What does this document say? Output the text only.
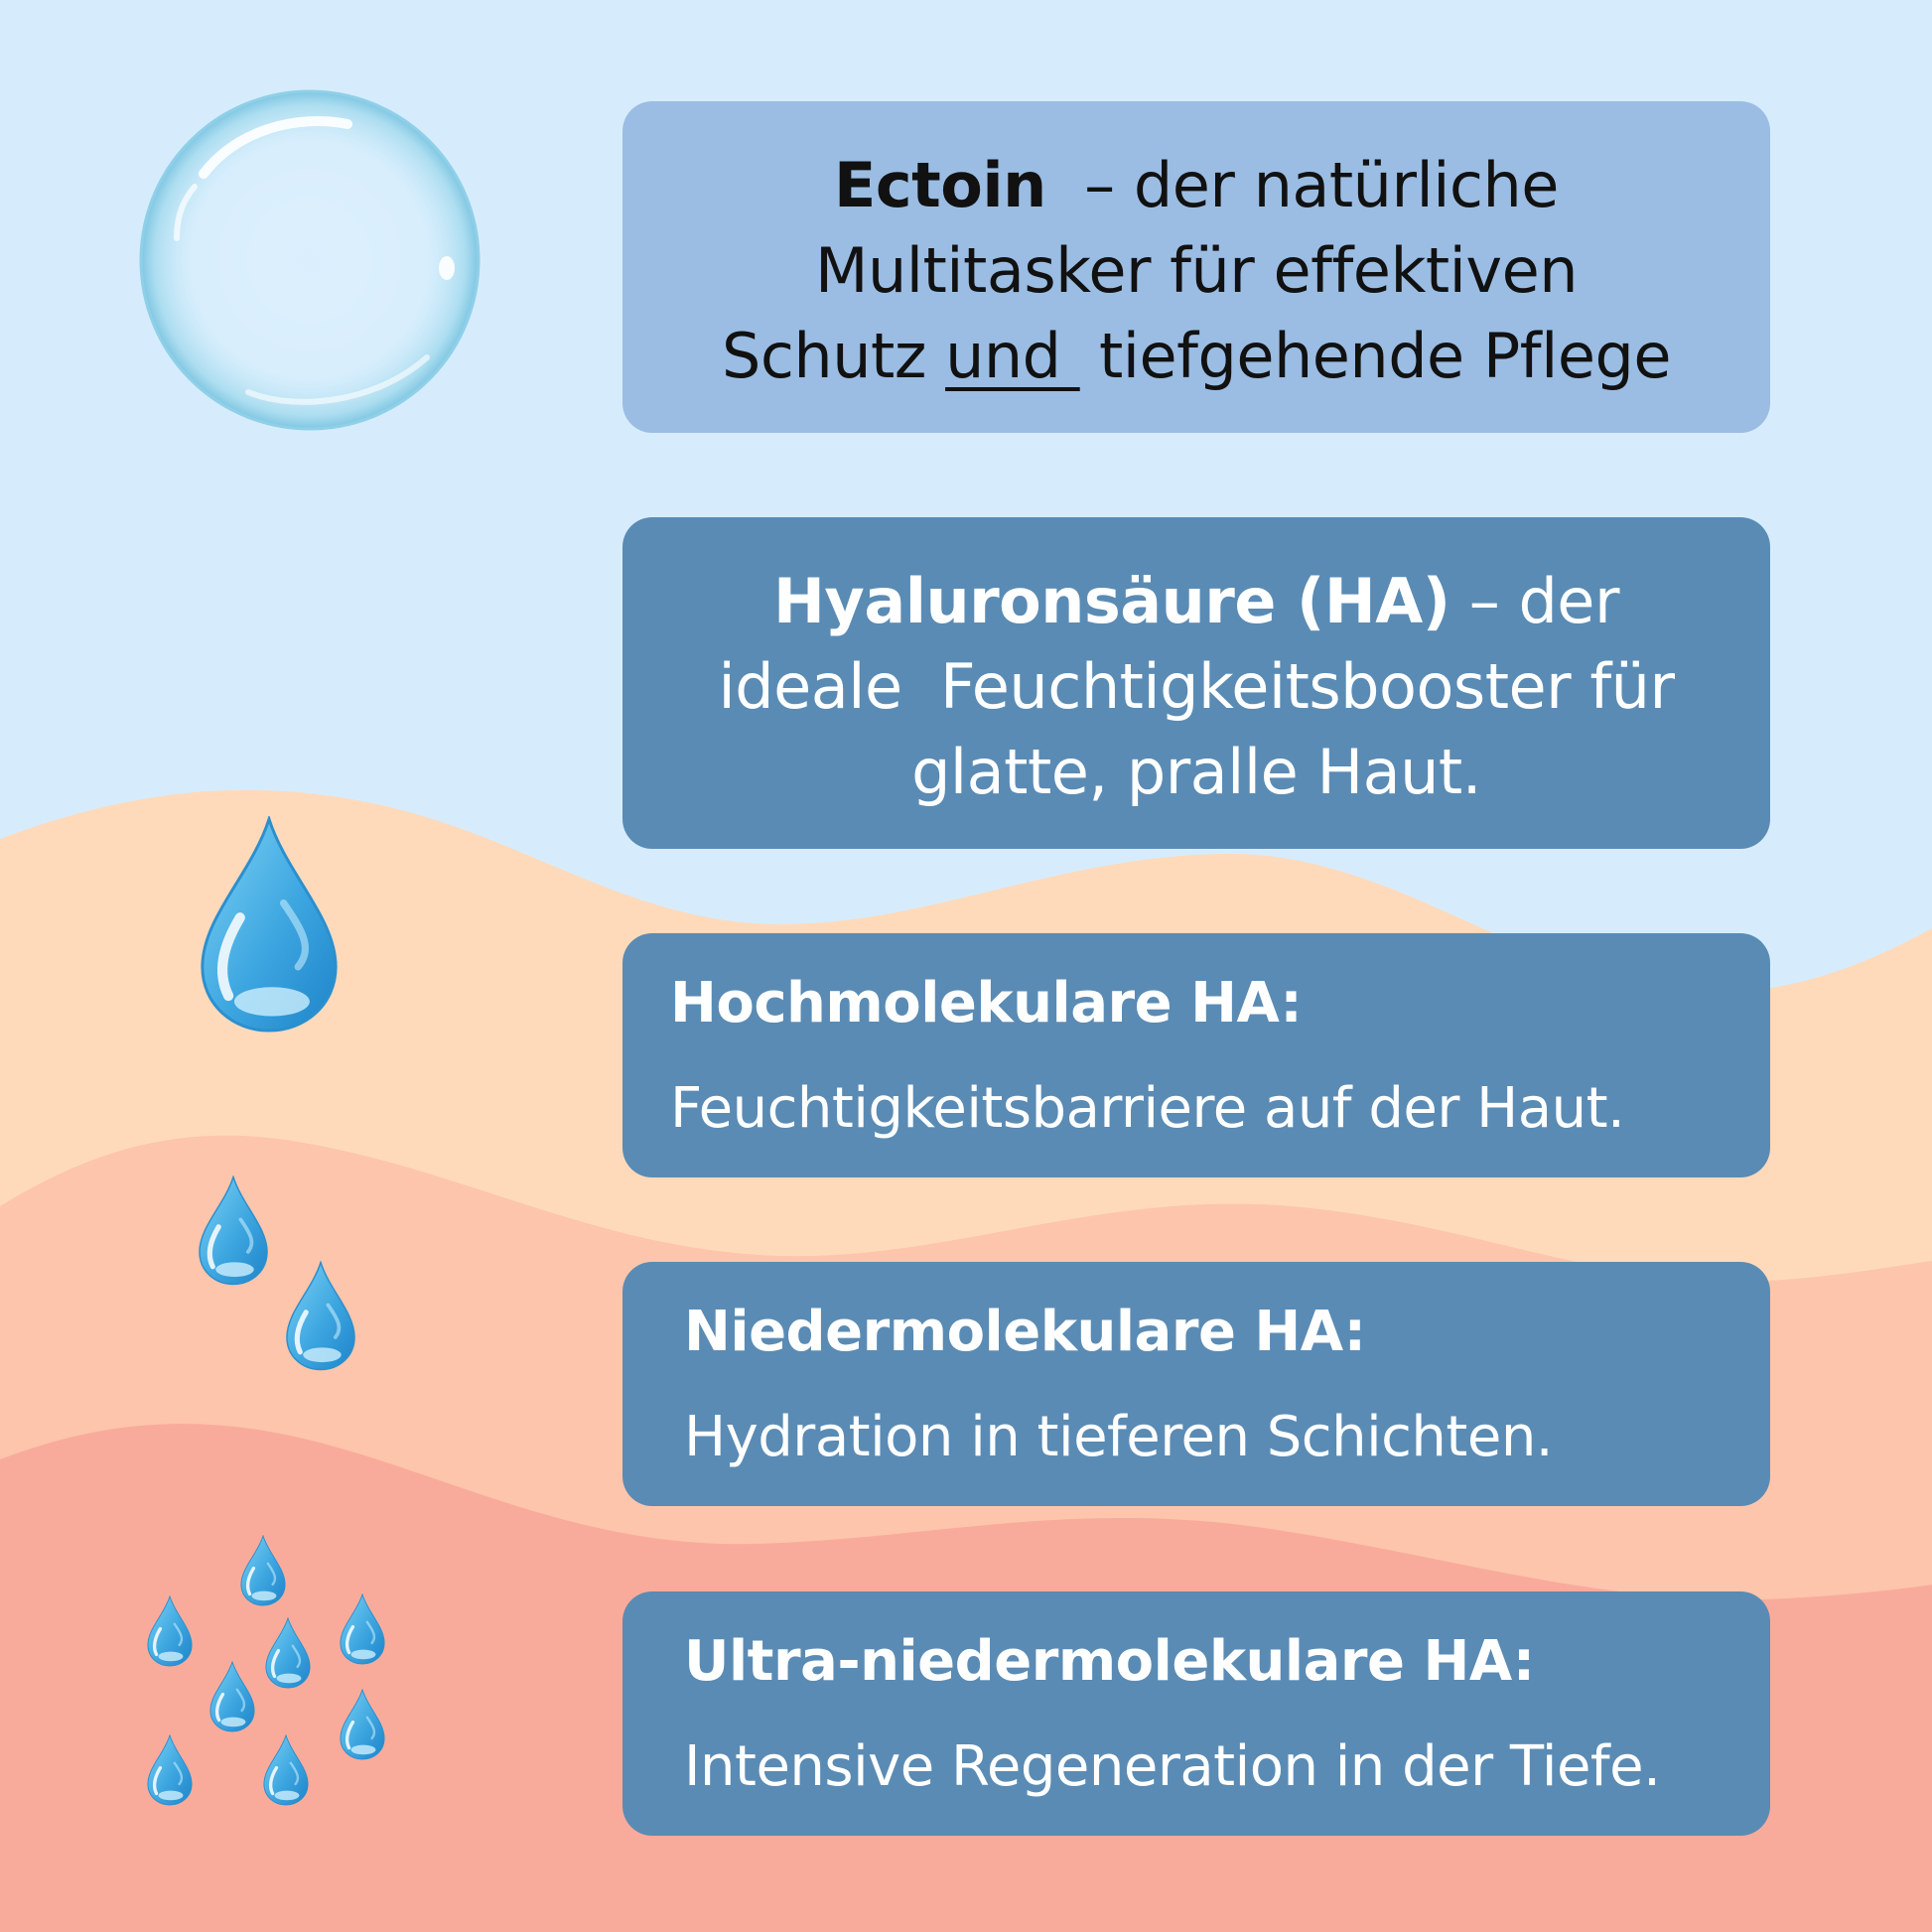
Ectoin  – der natürliche
Multitasker für effektiven
Schutz und  tiefgehende Pflege
Hyaluronsäure (HA) – der
ideale  Feuchtigkeitsbooster für
glatte, pralle Haut.
Hochmolekulare HA:
Feuchtigkeitsbarriere auf der Haut.
Niedermolekulare HA:
Hydration in tieferen Schichten.
Ultra-niedermolekulare HA:
Intensive Regeneration in der Tiefe.
